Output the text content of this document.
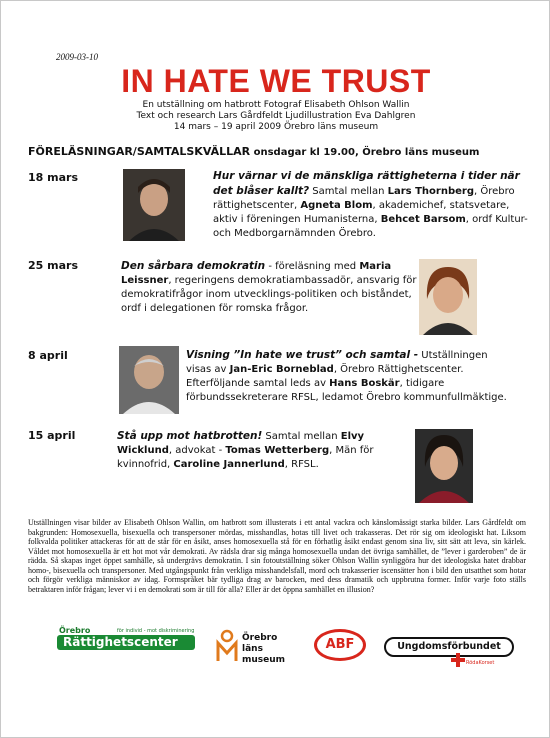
2009-03-10
IN HATE WE TRUST
En utställning om hatbrott Fotograf Elisabeth Ohlson Wallin
Text och research Lars Gårdfeldt Ljudillustration Eva Dahlgren
14 mars – 19 april 2009 Örebro läns museum
FÖRELÄSNINGAR/SAMTALSKVÄLLAR onsdagar kl 19.00, Örebro läns museum
18 mars	Hur värnar vi de mänskliga rättigheterna i tider när det blåser kallt? Samtal mellan Lars Thornberg, Örebro rättighetscenter, Agneta Blom, akademichef, statsvetare, aktiv i föreningen Humanisterna, Behcet Barsom, ordf Kultur- och Medborgarnämnden Örebro.
25 mars	Den sårbara demokratin - föreläsning med Maria Leissner, regeringens demokratiambassadör, ansvarig för demokratifrågor inom utvecklings-politiken och biståndet, ordf i delegationen för romska frågor.
8 april	Visning ”In hate we trust” och samtal - Utställningen visas av Jan-Eric Borneblad, Örebro Rättighetscenter. Efterföljande samtal leds av Hans Boskär, tidigare förbundssekreterare RFSL, ledamot Örebro kommunfullmäktige.
15 april	Stå upp mot hatbrotten! Samtal mellan Elvy Wicklund, advokat - Tomas Wetterberg, Män för kvinnofrid, Caroline Jannerlund, RFSL.
Utställningen visar bilder av Elisabeth Ohlson Wallin, om hatbrott som illusterats i ett antal vackra och känslomässigt starka bilder. Lars Gårdfeldt om bakgrunden: Homosexuella, bisexuella och transpersoner mördas, misshandlas, hotas till livet och trakasseras. Det rör sig om ideologiskt hat. Liksom folkvalda politiker attackeras för att de står för en åsikt, anses homosexuella stå för en förhatlig åsikt endast genom sina liv, sitt sätt att leva, sin kärlek. Våldet mot homosexuella är ett hot mot vår demokrati. Av rädsla drar sig många homosexuella undan det övriga samhället, de ”lever i garderoben” de är rädda. Så skapas inget öppet samhälle, så undergrävs demokratin. I sin fotoutställning söker Ohlson Wallin synliggöra hur det ideologiska hatet drabbar homo-, bisexuella och transpersoner. Med utgångspunkt från verkliga misshandelsfall, mord och trakasserier iscensätter hon i bild den utsatthet som hotar och förgör verkliga människor av idag. Formspråket bär tydliga drag av barocken, med dess dramatik och uppbrutna former. Inför varje foto ställs betraktaren inför frågan; lever vi i en demokrati som är till för alla? Eller är det öppna samhället en illusion?
Örebro	för individ - mot diskriminering
Rättighetscenter	Örebro läns
museum
ABF	Ungdomsförbundet
RödaKorset
